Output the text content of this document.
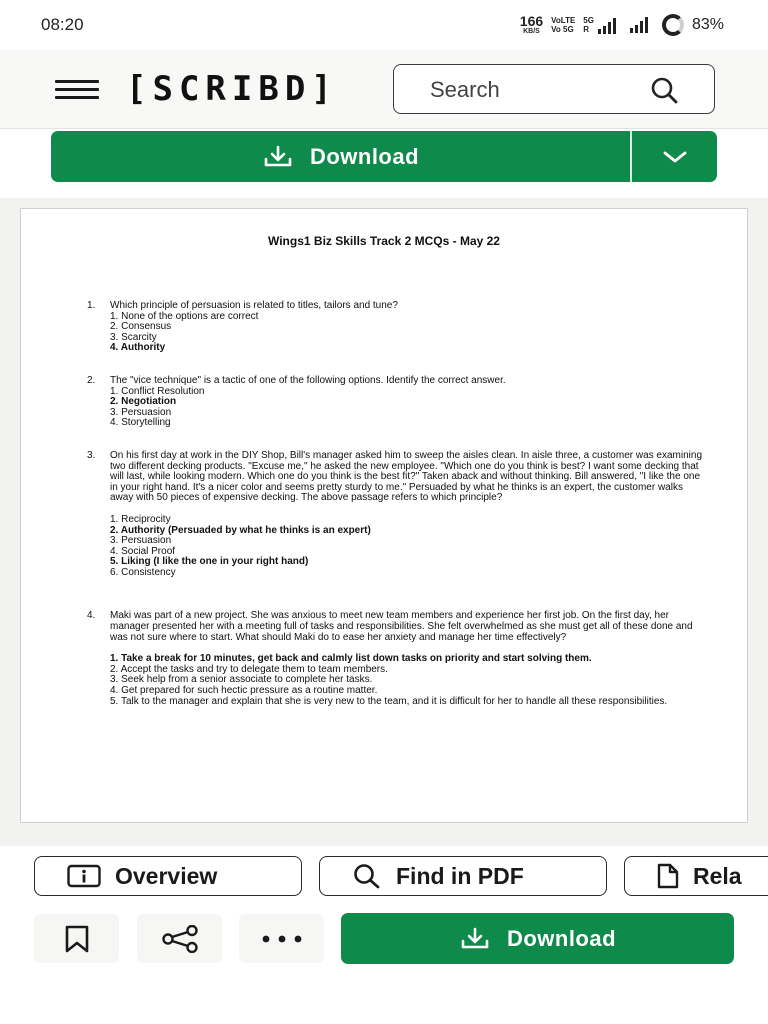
08:20	166
KB/S
VoLTE
Vo 5G
5G
R	83%
[SCRIBD]
Search
Download
Wings1 Biz Skills Track 2 MCQs - May 22
1. Which principle of persuasion is related to titles, tailors and tune?

1. None of the options are correct
2. Consensus
3. Scarcity
4. Authority
2. The "vice technique" is a tactic of one of the following options. Identify the correct answer.

1. Conflict Resolution
2. Negotiation
3. Persuasion
4. Storytelling
3. On his first day at work in the DIY Shop, Bill's manager asked him to sweep the aisles clean. In aisle three, a customer was examining two different decking products. "Excuse me," he asked the new employee. "Which one do you think is best? I want some decking that will last, while looking modern. Which one do you think is the best fit?" Taken aback and without thinking. Bill answered, "I like the one in your right hand. It's a nicer color and seems pretty sturdy to me." Persuaded by what he thinks is an expert, the customer walks away with 50 pieces of expensive decking. The above passage refers to which principle?

1. Reciprocity
2. Authority (Persuaded by what he thinks is an expert)
3. Persuasion
4. Social Proof
5. Liking (I like the one in your right hand)
6. Consistency
4. Maki was part of a new project. She was anxious to meet new team members and experience her first job. On the first day, her manager presented her with a meeting full of tasks and responsibilities. She felt overwhelmed as she must get all of these done and was not sure where to start. What should Maki do to ease her anxiety and manage her time effectively?

1. Take a break for 10 minutes, get back and calmly list down tasks on priority and start solving them.
2. Accept the tasks and try to delegate them to team members.
3. Seek help from a senior associate to complete her tasks.
4. Get prepared for such hectic pressure as a routine matter.
5. Talk to the manager and explain that she is very new to the team, and it is difficult for her to handle all these responsibilities.
Overview	Find in PDF	Rela
Download
